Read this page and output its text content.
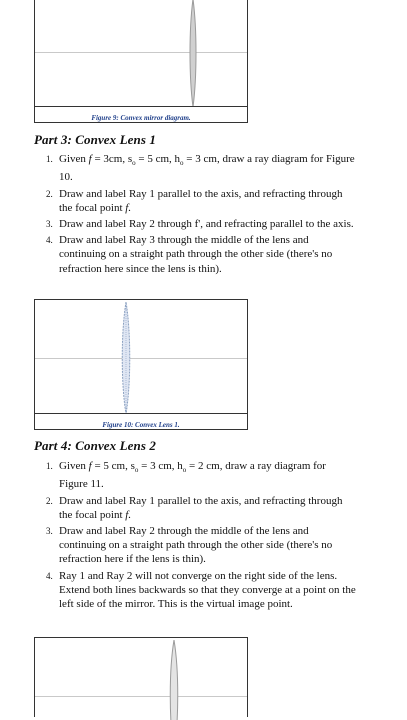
Figure 9: Convex mirror diagram.
Part 3: Convex Lens 1
1. Given f = 3cm, $s_o = 5$ cm, $h_o = 3$ cm, draw a ray diagram for Figure 10.
2. Draw and label Ray 1 parallel to the axis, and refracting through the focal point f.
3. Draw and label Ray 2 through f', and refracting parallel to the axis.
4. Draw and label Ray 3 through the middle of the lens and continuing on a straight path through the other side (there's no refraction here since the lens is thin).
Figure 10: Convex Lens 1.
Part 4: Convex Lens 2
1. Given f = 5 cm, $s_o = 3$ cm, $h_o = 2$ cm, draw a ray diagram for Figure 11.
2. Draw and label Ray 1 parallel to the axis, and refracting through the focal point f.
3. Draw and label Ray 2 through the middle of the lens and continuing on a straight path through the other side (there's no refraction here if the lens is thin).
4. Ray 1 and Ray 2 will not converge on the right side of the lens. Extend both lines backwards so that they converge at a point on the left side of the mirror. This is the virtual image point.
